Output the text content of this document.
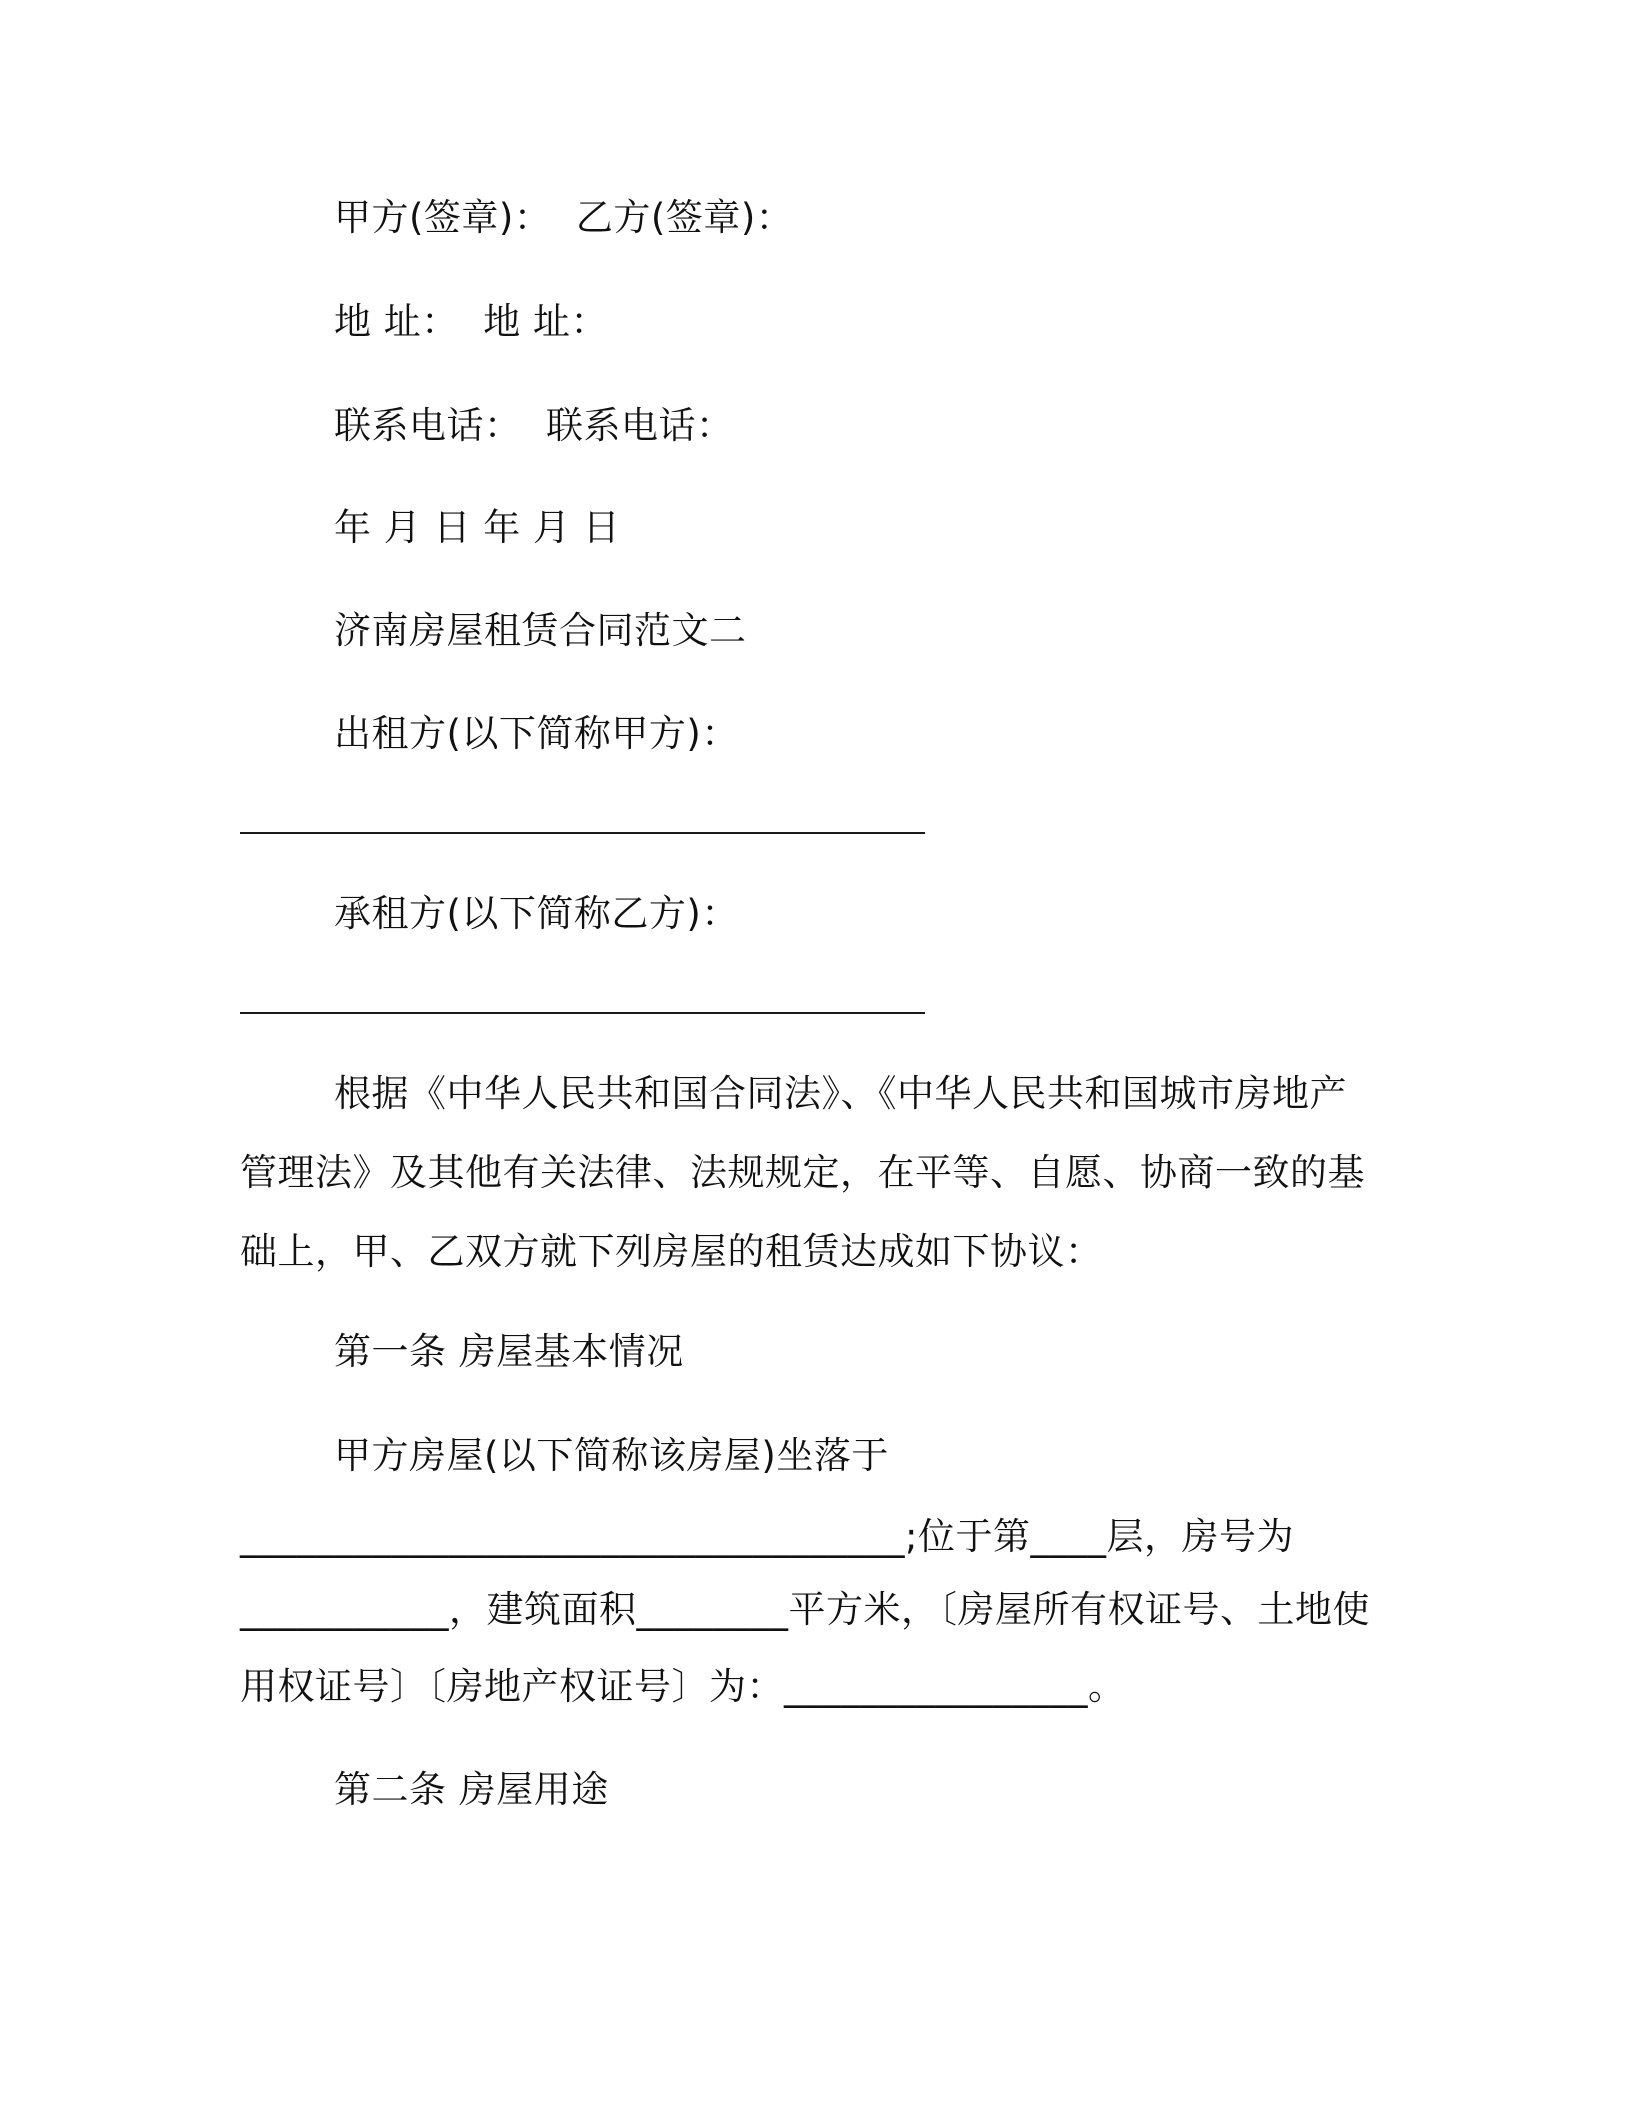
甲方(签章)：  乙方(签章)：
地 址：  地 址：
联系电话：  联系电话：
年 月 日 年 月 日
济南房屋租赁合同范文二
出租方(以下简称甲方)：
承租方(以下简称乙方)：
根据《中华人民共和国合同法》、《中华人民共和国城市房地产
管理法》及其他有关法律、法规规定，在平等、自愿、协商一致的基
础上，甲、乙双方就下列房屋的租赁达成如下协议：
第一条 房屋基本情况
甲方房屋(以下简称该房屋)坐落于
___________________________________;位于第____层，房号为
___________，建筑面积________平方米，〔房屋所有权证号、土地使
用权证号〕〔房地产权证号〕为：________________。
第二条 房屋用途
